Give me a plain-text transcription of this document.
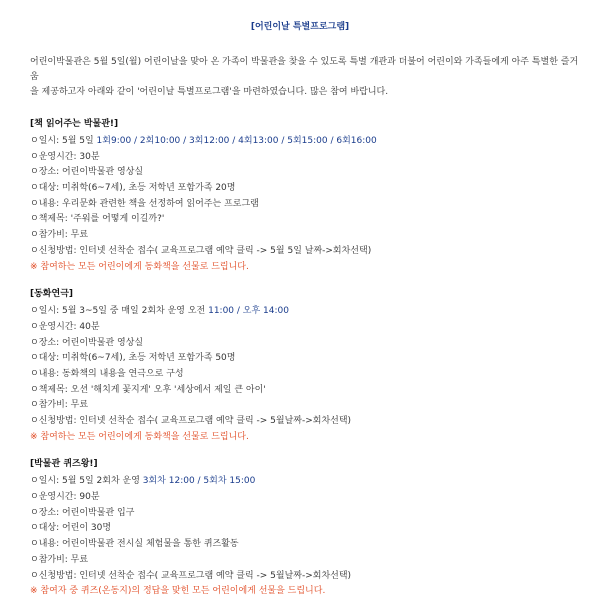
[어린이날 특별프로그램]
어린이박물관은 5월 5일(월) 어린이날을 맞아 온 가족이 박물관을 찾을 수 있도록 특별 개관과 더불어 어린이와 가족들에게 아주 특별한 즐거움
을 제공하고자 아래와 같이 '어린이날 특별프로그램'을 마련하였습니다. 많은 참여 바랍니다.
[책 읽어주는 박물관!]
ㅇ일시: 5월 5일 1회9:00 / 2회10:00 / 3회12:00 / 4회13:00 / 5회15:00 / 6회16:00
ㅇ운영시간: 30분
ㅇ장소: 어린이박물관 영상실
ㅇ대상: 미취학(6~7세), 초등 저학년 포함가족 20명
ㅇ내용: 우리문화 관련한 책을 선정하여 읽어주는 프로그램
ㅇ책제목: '주워를 어떻게 이길까?'
ㅇ참가비: 무료
ㅇ신청방법: 인터넷 선착순 접수( 교육프로그램 예약 클릭 -> 5월 5일 날짜->회차선택)
※ 참여하는 모든 어린이에게 동화책을 선물로 드립니다.
[동화연극]
ㅇ일시: 5월 3~5일 중 매일 2회차 운영 오전 11:00 / 오후 14:00
ㅇ운영시간: 40분
ㅇ장소: 어린이박물관 영상실
ㅇ대상: 미취학(6~7세), 초등 저학년 포함가족 50명
ㅇ내용: 동화책의 내용을 연극으로 구성
ㅇ책제목: 오션 '해치게 꽃지게' 오후 '세상에서 제일 큰 아이'
ㅇ참가비: 무료
ㅇ신청방법: 인터넷 선착순 접수( 교육프로그램 예약 클릭 -> 5월날짜->회차선택)
※ 참여하는 모든 어린이에게 동화책을 선물로 드립니다.
[박물관 퀴즈왕!]
ㅇ일시: 5월 5일 2회차 운영 3회차 12:00 / 5회차 15:00
ㅇ운영시간: 90분
ㅇ장소: 어린이박물관 입구
ㅇ대상: 어린이 30명
ㅇ내용: 어린이박물관 전시실 체험물을 통한 퀴즈활동
ㅇ참가비: 무료
ㅇ신청방법: 인터넷 선착순 접수( 교육프로그램 예약 클릭 -> 5월날짜->회차선택)
※ 참여자 중 퀴즈(온동지)의 정답을 맞힌 모든 어린이에게 선물을 드립니다.
